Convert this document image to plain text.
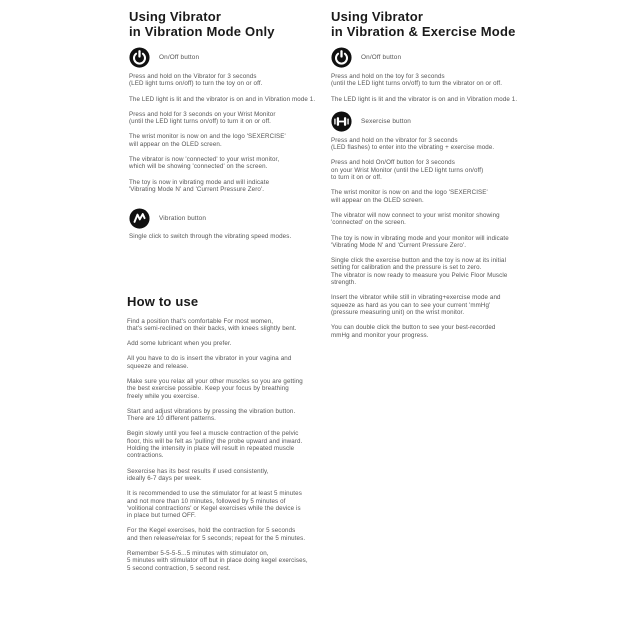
Using Vibrator
in Vibration Mode Only
On/Off button
Press and hold on the Vibrator for 3 seconds
(LED light turns on/off) to turn the toy on or off.
The LED light is lit and the vibrator is on and in Vibration mode 1.
Press and hold for 3 seconds on your Wrist Monitor
(until the LED light turns on/off) to turn it on or off.
The wrist monitor is now on and the logo 'SEXERCISE'
will appear on the OLED screen.
The vibrator is now 'connected' to your wrist monitor,
which will be showing 'connected' on the screen.
The toy is now in vibrating mode and will indicate
'Vibrating Mode N' and 'Current Pressure Zero'.
Vibration button
Single click to switch through the vibrating speed modes.
Using Vibrator
in Vibration & Exercise Mode
On/Off button
Press and hold on the toy for 3 seconds
(until the LED light turns on/off) to turn the vibrator on or off.
The LED light is lit and the vibrator is on and in Vibration mode 1.
Sexercise button
Press and hold on the vibrator for 3 seconds
(LED flashes) to enter into the vibrating + exercise mode.
Press and hold On/Off button for 3 seconds
on your Wrist Monitor (until the LED light turns on/off)
to turn it on or off.
The wrist monitor is now on and the logo 'SEXERCISE'
will appear on the OLED screen.
The vibrator will now connect to your wrist monitor showing
'connected' on the screen.
The toy is now in vibrating mode and your monitor will indicate
'Vibrating Mode N' and 'Current Pressure Zero'.
Single click the exercise button and the toy is now at its initial
setting for calibration and the pressure is set to zero.
The vibrator is now ready to measure you Pelvic Floor Muscle
strength.
Insert the vibrator while still in vibrating+exercise mode and
squeeze as hard as you can to see your current 'mmHg'
(pressure measuring unit) on the wrist monitor.
You can double click the button to see your best-recorded
mmHg and monitor your progress.
How to use
Find a position that's comfortable For most women,
that's semi-reclined on their backs, with knees slightly bent.
Add some lubricant when you prefer.
All you have to do is insert the vibrator in your vagina and
squeeze and release.
Make sure you relax all your other muscles so you are getting
the best exercise possible. Keep your focus by breathing
freely while you exercise.
Start and adjust vibrations by pressing the vibration button.
There are 10 different patterns.
Begin slowly until you feel a muscle contraction of the pelvic
floor, this will be felt as 'pulling' the probe upward and inward.
Holding the intensity in place will result in repeated muscle
contractions.
Sexercise has its best results if used consistently,
ideally 6-7 days per week.
It is recommended to use the stimulator for at least 5 minutes
and not more than 10 minutes, followed by 5 minutes of
'volitional contractions' or Kegel exercises while the device is
in place but turned OFF.
For the Kegel exercises, hold the contraction for 5 seconds
and then release/relax for 5 seconds; repeat for the 5 minutes.
Remember 5-5-5-5...5 minutes with stimulator on,
5 minutes with stimulator off but in place doing kegel exercises,
5 second contraction, 5 second rest.
